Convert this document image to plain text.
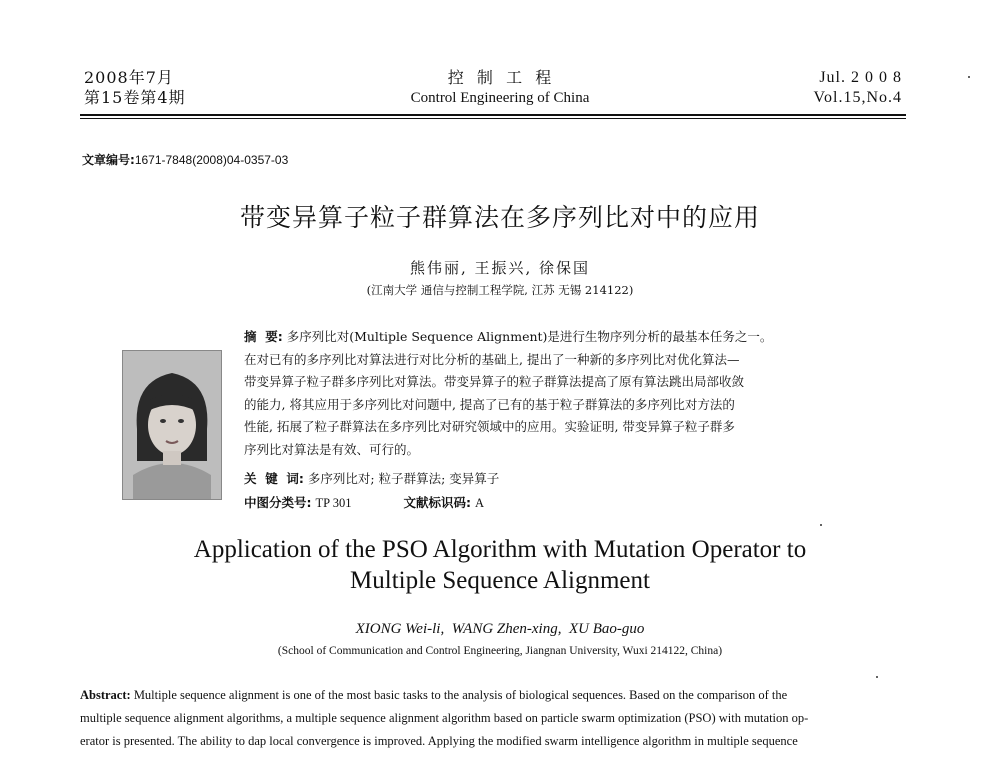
2008年7月
第15卷第4期
控  制  工  程
Control Engineering of China
Jul. 2 0 0 8
Vol.15,No.4
文章编号:1671-7848(2008)04-0357-03
带变异算子粒子群算法在多序列比对中的应用
熊伟丽, 王振兴, 徐保国
(江南大学 通信与控制工程学院, 江苏 无锡 214122)
摘  要: 多序列比对(Multiple Sequence Alignment)是进行生物序列分析的最基本任务之一。
在对已有的多序列比对算法进行对比分析的基础上, 提出了一种新的多序列比对优化算法—
带变异算子粒子群多序列比对算法。带变异算子的粒子群算法提高了原有算法跳出局部收敛
的能力, 将其应用于多序列比对问题中, 提高了已有的基于粒子群算法的多序列比对方法的
性能, 拓展了粒子群算法在多序列比对研究领域中的应用。实验证明, 带变异算子粒子群多
序列比对算法是有效、可行的。
关  键  词: 多序列比对; 粒子群算法; 变异算子
中图分类号: TP 301	文献标识码: A
Application of the PSO Algorithm with Mutation Operator to
Multiple Sequence Alignment
XIONG Wei-li,  WANG Zhen-xing,  XU Bao-guo
(School of Communication and Control Engineering, Jiangnan University, Wuxi 214122, China)
Abstract: Multiple sequence alignment is one of the most basic tasks to the analysis of biological sequences. Based on the comparison of the
multiple sequence alignment algorithms, a multiple sequence alignment algorithm based on particle swarm optimization (PSO) with mutation op-
erator is presented. The ability to dap local convergence is improved. Applying the modified swarm intelligence algorithm in multiple sequence
